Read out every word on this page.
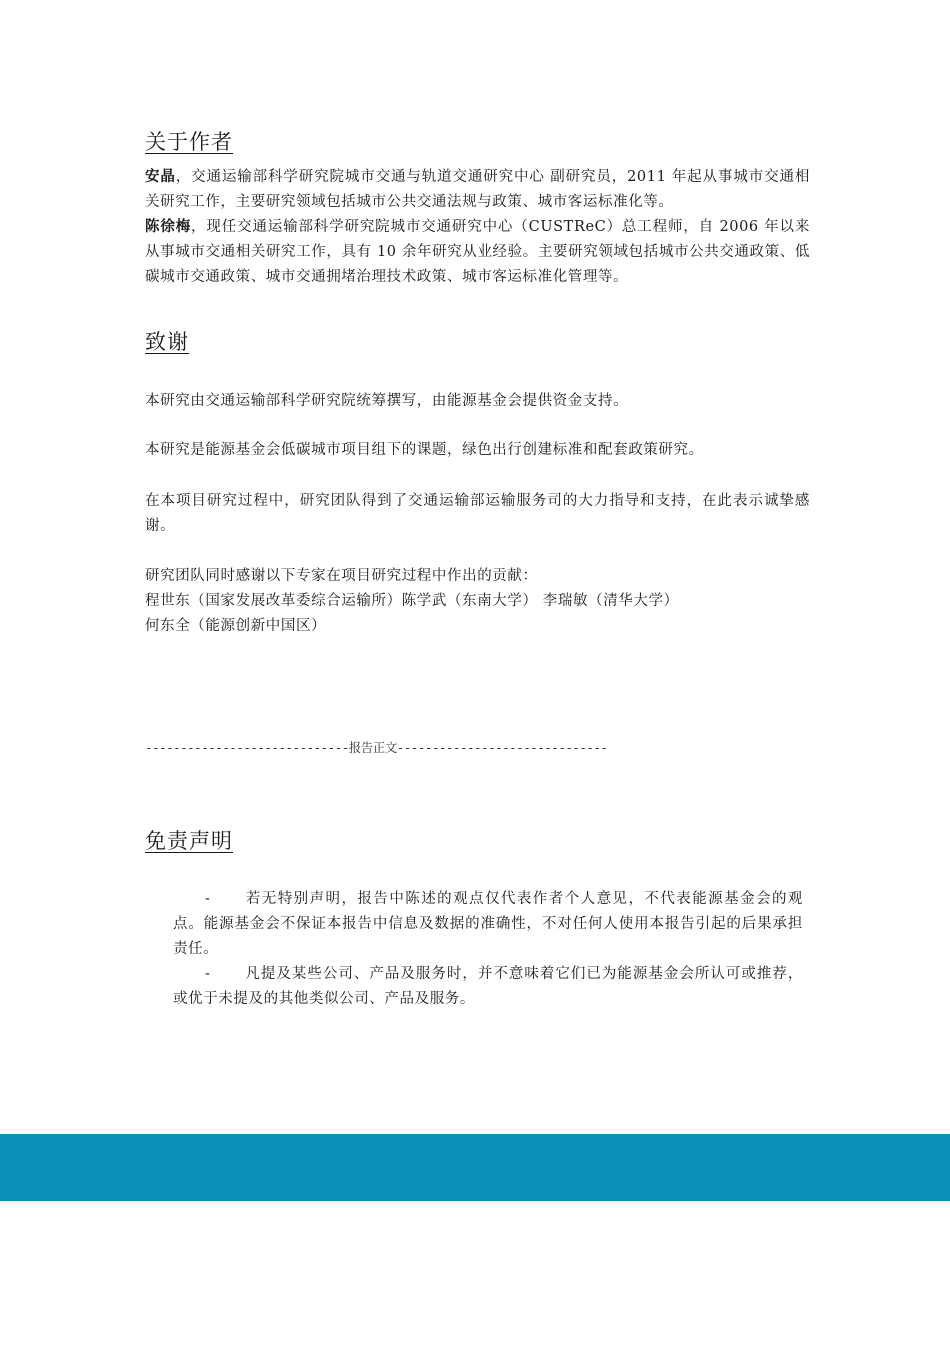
关于作者

安晶，交通运输部科学研究院城市交通与轨道交通研究中心 副研究员，2011 年起从事城市交通相关研究工作，主要研究领域包括城市公共交通法规与政策、城市客运标准化等。

陈徐梅，现任交通运输部科学研究院城市交通研究中心（CUSTReC）总工程师，自 2006 年以来从事城市交通相关研究工作，具有 10 余年研究从业经验。主要研究领域包括城市公共交通政策、低碳城市交通政策、城市交通拥堵治理技术政策、城市客运标准化管理等。

致谢

本研究由交通运输部科学研究院统筹撰写，由能源基金会提供资金支持。

本研究是能源基金会低碳城市项目组下的课题，绿色出行创建标准和配套政策研究。

在本项目研究过程中，研究团队得到了交通运输部运输服务司的大力指导和支持，在此表示诚挚感谢。

研究团队同时感谢以下专家在项目研究过程中作出的贡献：
程世东（国家发展改革委综合运输所）陈学武（东南大学） 李瑞敏（清华大学）
何东全（能源创新中国区）
免责声明
-----------------------------报告正文------------------------------

- 若无特别声明，报告中陈述的观点仅代表作者个人意见，不代表能源基金会的观点。能源基金会不保证本报告中信息及数据的准确性，不对任何人使用本报告引起的后果承担责任。

- 凡提及某些公司、产品及服务时，并不意味着它们已为能源基金会所认可或推荐，或优于未提及的其他类似公司、产品及服务。
